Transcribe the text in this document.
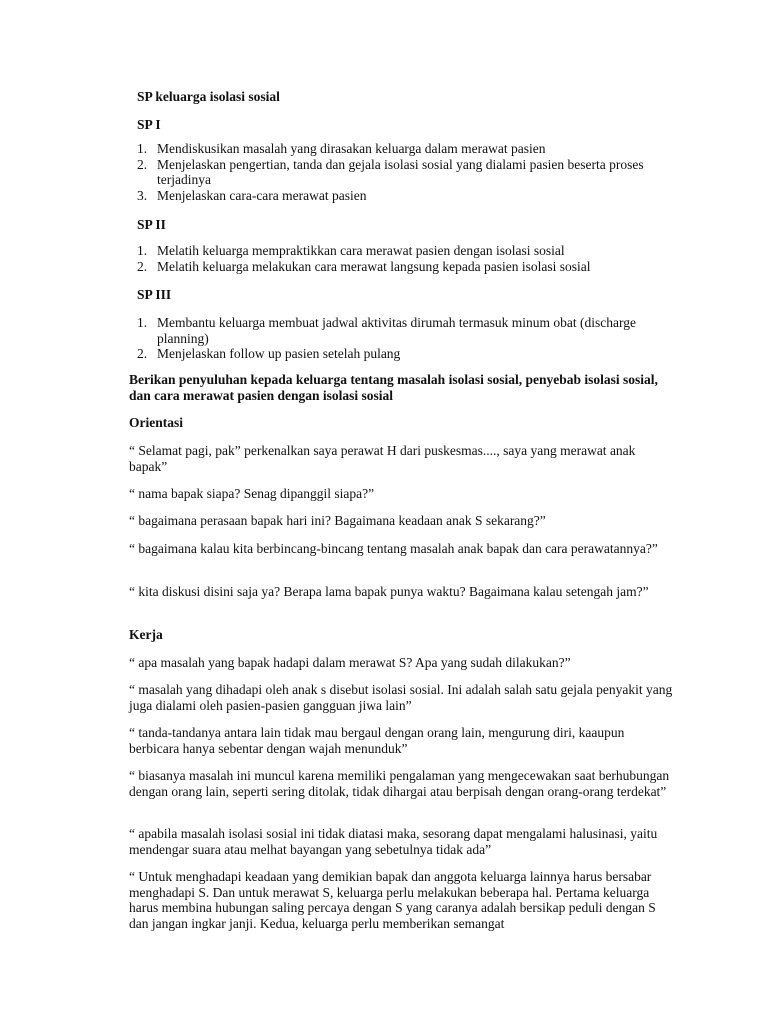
SP keluarga isolasi sosial

SP I

1. Mendiskusikan masalah yang dirasakan keluarga dalam merawat pasien
2. Menjelaskan pengertian, tanda dan gejala isolasi sosial yang dialami pasien beserta proses terjadinya
3. Menjelaskan cara-cara merawat pasien

SP II

1. Melatih keluarga mempraktikkan cara merawat pasien dengan isolasi sosial
2. Melatih keluarga melakukan cara merawat langsung kepada pasien isolasi sosial

SP III

1. Membantu keluarga membuat jadwal aktivitas dirumah termasuk minum obat (discharge planning)
2. Menjelaskan follow up pasien setelah pulang

Berikan penyuluhan kepada keluarga tentang masalah isolasi sosial, penyebab isolasi sosial, dan cara merawat pasien dengan isolasi sosial

Orientasi

“ Selamat pagi, pak” perkenalkan saya perawat H dari puskesmas...., saya yang merawat anak bapak”

“ nama bapak siapa? Senag dipanggil siapa?”

“ bagaimana perasaan bapak hari ini? Bagaimana keadaan anak S sekarang?”

“ bagaimana kalau kita berbincang-bincang tentang masalah anak bapak dan cara perawatannya?”

“ kita diskusi disini saja ya? Berapa lama bapak punya waktu? Bagaimana kalau setengah jam?”

Kerja

“ apa masalah yang bapak hadapi dalam merawat S? Apa yang sudah dilakukan?”

“ masalah yang dihadapi oleh anak s disebut isolasi sosial. Ini adalah salah satu gejala penyakit yang juga dialami oleh pasien-pasien gangguan jiwa lain”

“ tanda-tandanya antara lain tidak mau bergaul dengan orang lain, mengurung diri, kaaupun berbicara hanya sebentar dengan wajah menunduk”

“ biasanya masalah ini muncul karena memiliki pengalaman yang mengecewakan saat berhubungan dengan orang lain, seperti sering ditolak, tidak dihargai atau berpisah dengan orang-orang terdekat”

“ apabila masalah isolasi sosial ini tidak diatasi maka, sesorang dapat mengalami halusinasi, yaitu mendengar suara atau melhat bayangan yang sebetulnya tidak ada”

“ Untuk menghadapi keadaan yang demikian bapak dan anggota keluarga lainnya harus bersabar menghadapi S. Dan untuk merawat S, keluarga perlu melakukan beberapa hal. Pertama keluarga harus membina hubungan saling percaya dengan S yang caranya adalah bersikap peduli dengan S dan jangan ingkar janji. Kedua, keluarga perlu memberikan semangat
